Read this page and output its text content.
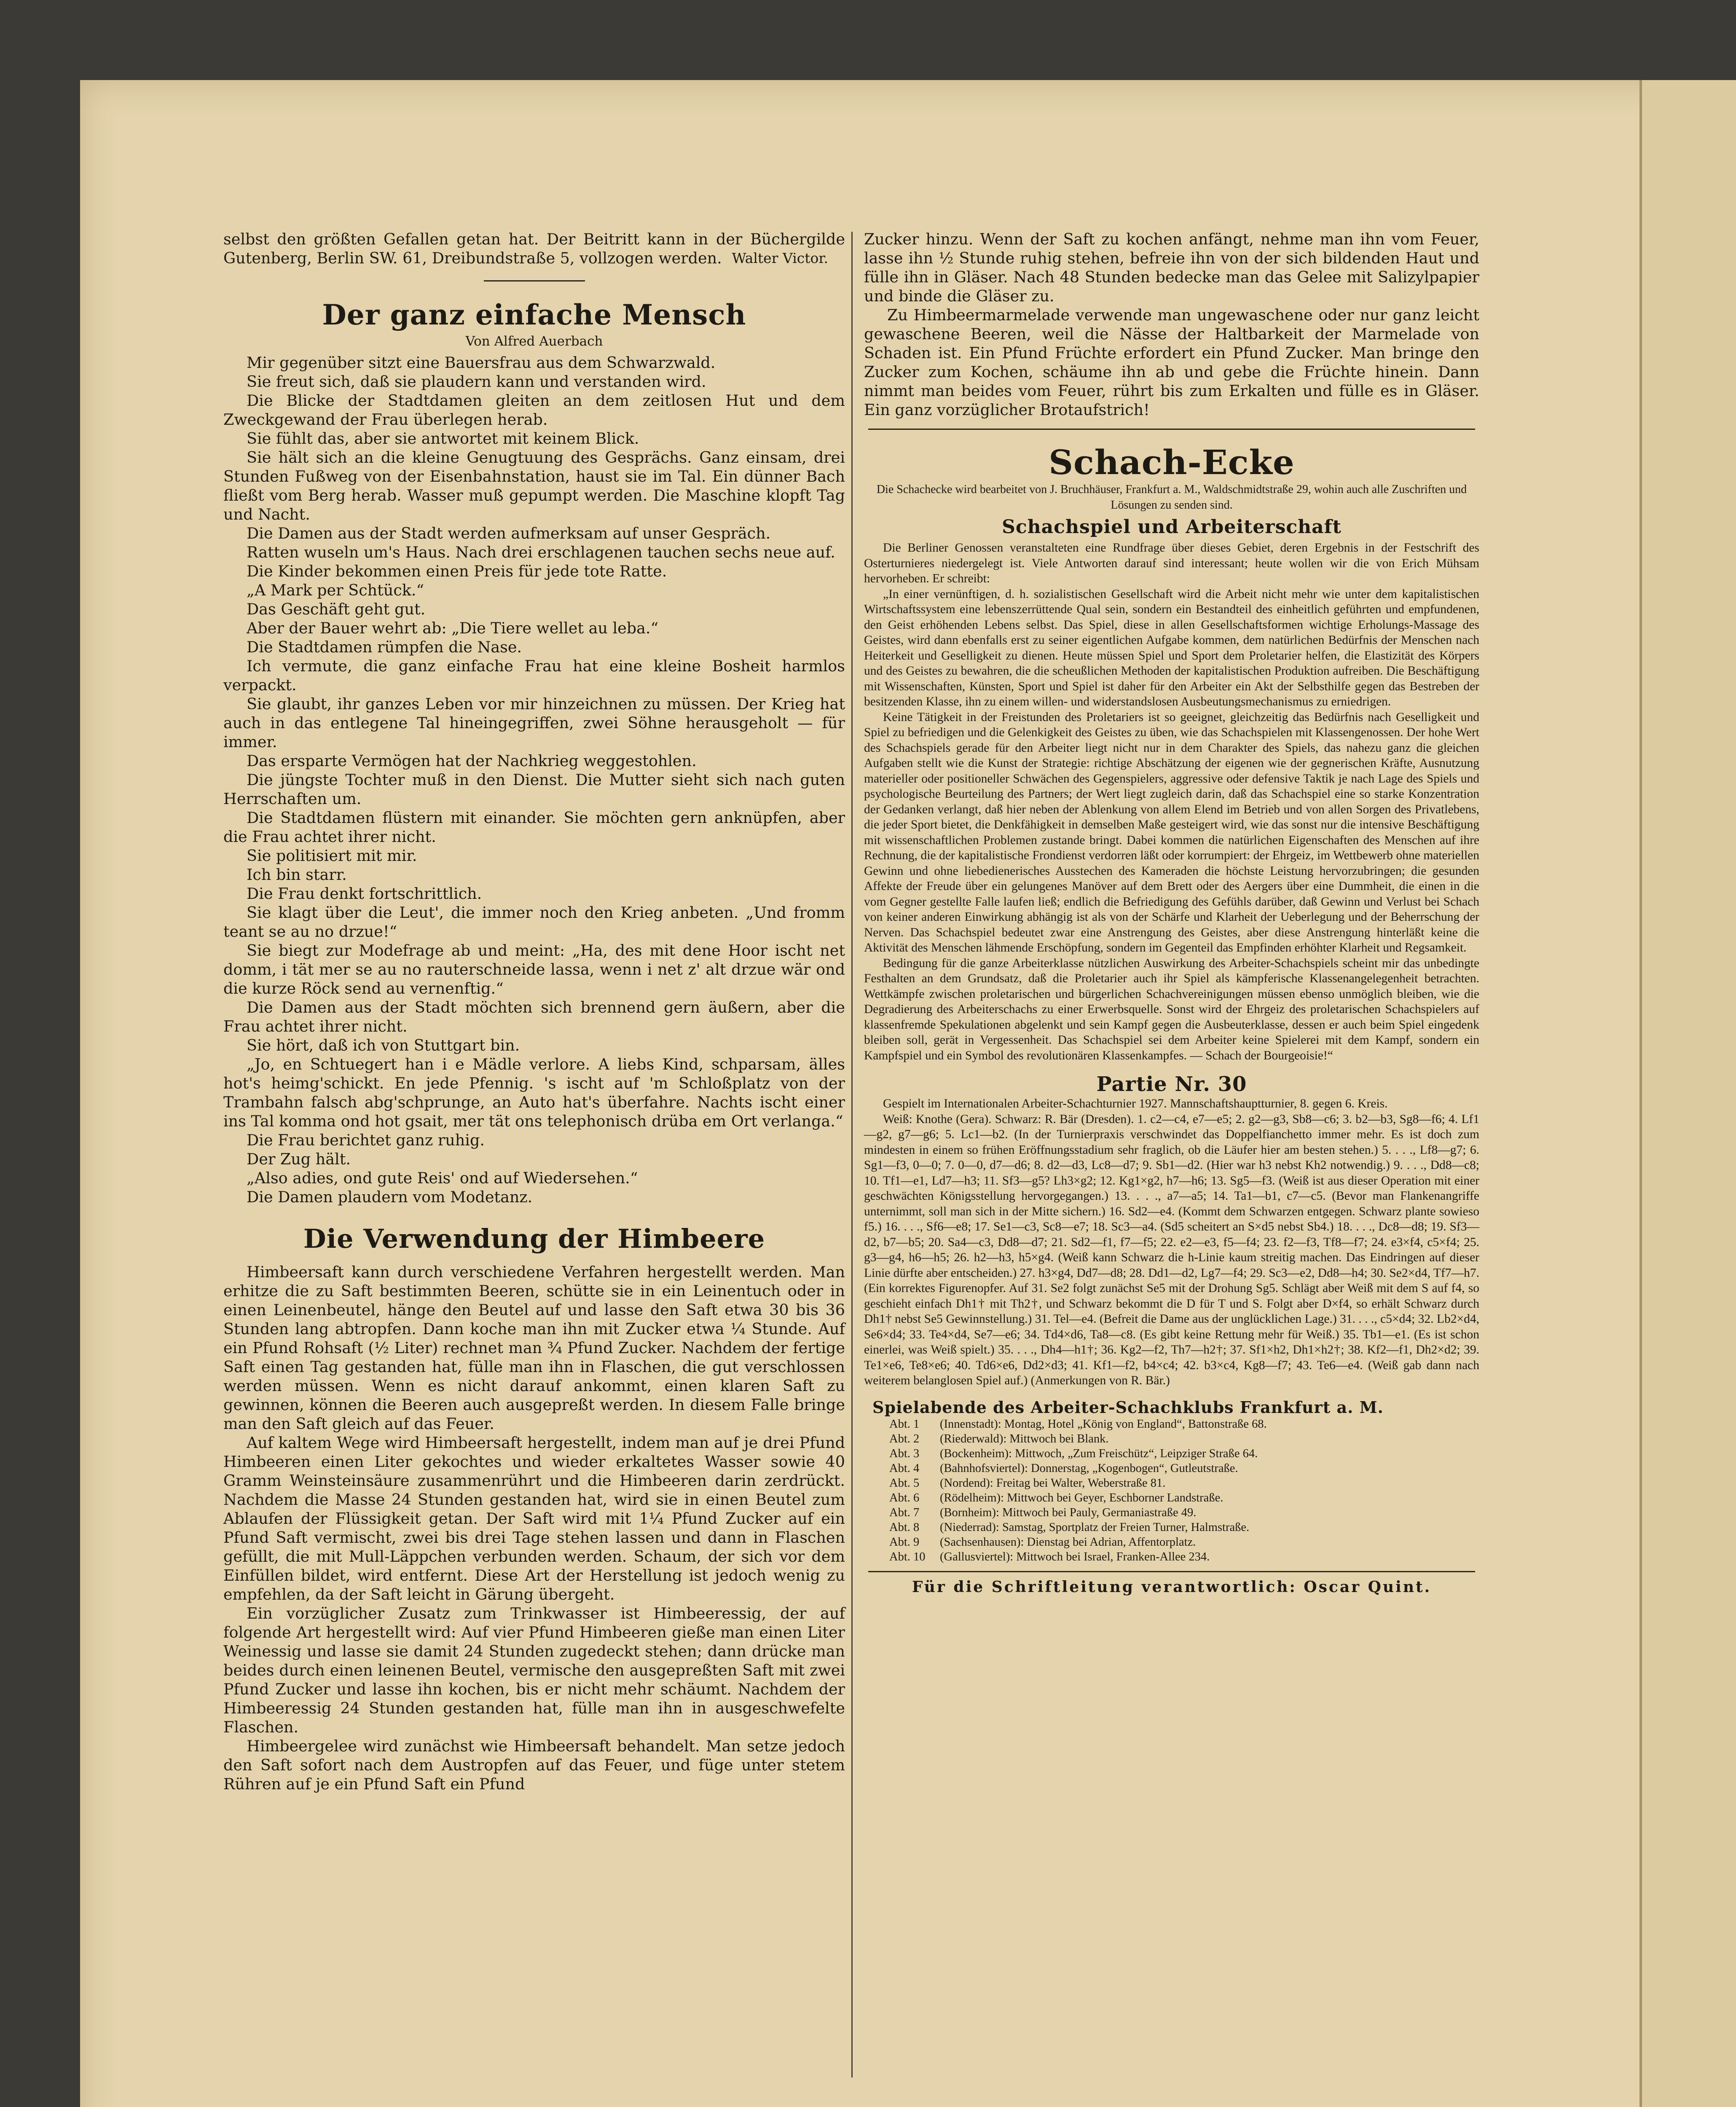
selbst den größten Gefallen getan hat. Der Beitritt kann in der Büchergilde Gutenberg, Berlin SW. 61, Dreibundstraße 5, vollzogen werden. Walter Victor.
Der ganz einfache Mensch
Von Alfred Auerbach

Mir gegenüber sitzt eine Bauersfrau aus dem Schwarzwald.

Sie freut sich, daß sie plaudern kann und verstanden wird.

Die Blicke der Stadtdamen gleiten an dem zeitlosen Hut und dem Zweckgewand der Frau überlegen herab.

Sie fühlt das, aber sie antwortet mit keinem Blick.

Sie hält sich an die kleine Genugtuung des Gesprächs. Ganz einsam, drei Stunden Fußweg von der Eisenbahnstation, haust sie im Tal. Ein dünner Bach fließt vom Berg herab. Wasser muß gepumpt werden. Die Maschine klopft Tag und Nacht.

Die Damen aus der Stadt werden aufmerksam auf unser Gespräch.

Ratten wuseln um's Haus. Nach drei erschlagenen tauchen sechs neue auf.

Die Kinder bekommen einen Preis für jede tote Ratte.

„A Mark per Schtück.“

Das Geschäft geht gut.

Aber der Bauer wehrt ab: „Die Tiere wellet au leba.“

Die Stadtdamen rümpfen die Nase.

Ich vermute, die ganz einfache Frau hat eine kleine Bosheit harmlos verpackt.

Sie glaubt, ihr ganzes Leben vor mir hinzeichnen zu müssen. Der Krieg hat auch in das entlegene Tal hineingegriffen, zwei Söhne herausgeholt — für immer.

Das ersparte Vermögen hat der Nachkrieg weggestohlen.

Die jüngste Tochter muß in den Dienst. Die Mutter sieht sich nach guten Herrschaften um.

Die Stadtdamen flüstern mit einander. Sie möchten gern anknüpfen, aber die Frau achtet ihrer nicht.

Sie politisiert mit mir.

Ich bin starr.

Die Frau denkt fortschrittlich.

Sie klagt über die Leut', die immer noch den Krieg anbeten. „Und fromm teant se au no drzue!“

Sie biegt zur Modefrage ab und meint: „Ha, des mit dene Hoor ischt net domm, i tät mer se au no rauterschneide lassa, wenn i net z' alt drzue wär ond die kurze Röck send au vernenftig.“

Die Damen aus der Stadt möchten sich brennend gern äußern, aber die Frau achtet ihrer nicht.

Sie hört, daß ich von Stuttgart bin.

„Jo, en Schtuegert han i e Mädle verlore. A liebs Kind, schparsam, älles hot's heimg'schickt. En jede Pfennig. 's ischt auf 'm Schloßplatz von der Trambahn falsch abg'schprunge, an Auto hat's überfahre. Nachts ischt einer ins Tal komma ond hot gsait, mer tät ons telephonisch drüba em Ort verlanga.“

Die Frau berichtet ganz ruhig.

Der Zug hält.

„Also adies, ond gute Reis' ond auf Wiedersehen.“

Die Damen plaudern vom Modetanz.

Die Verwendung der Himbeere

Himbeersaft kann durch verschiedene Verfahren hergestellt werden. Man erhitze die zu Saft bestimmten Beeren, schütte sie in ein Leinentuch oder in einen Leinenbeutel, hänge den Beutel auf und lasse den Saft etwa 30 bis 36 Stunden lang abtropfen. Dann koche man ihn mit Zucker etwa ¼ Stunde. Auf ein Pfund Rohsaft (½ Liter) rechnet man ¾ Pfund Zucker. Nachdem der fertige Saft einen Tag gestanden hat, fülle man ihn in Flaschen, die gut verschlossen werden müssen. Wenn es nicht darauf ankommt, einen klaren Saft zu gewinnen, können die Beeren auch ausgepreßt werden. In diesem Falle bringe man den Saft gleich auf das Feuer.

Auf kaltem Wege wird Himbeersaft hergestellt, indem man auf je drei Pfund Himbeeren einen Liter gekochtes und wieder erkaltetes Wasser sowie 40 Gramm Weinsteinsäure zusammenrührt und die Himbeeren darin zerdrückt. Nachdem die Masse 24 Stunden gestanden hat, wird sie in einen Beutel zum Ablaufen der Flüssigkeit getan. Der Saft wird mit 1¼ Pfund Zucker auf ein Pfund Saft vermischt, zwei bis drei Tage stehen lassen und dann in Flaschen gefüllt, die mit Mull-Läppchen verbunden werden. Schaum, der sich vor dem Einfüllen bildet, wird entfernt. Diese Art der Herstellung ist jedoch wenig zu empfehlen, da der Saft leicht in Gärung übergeht.

Ein vorzüglicher Zusatz zum Trinkwasser ist Himbeeressig, der auf folgende Art hergestellt wird: Auf vier Pfund Himbeeren gieße man einen Liter Weinessig und lasse sie damit 24 Stunden zugedeckt stehen; dann drücke man beides durch einen leinenen Beutel, vermische den ausgepreßten Saft mit zwei Pfund Zucker und lasse ihn kochen, bis er nicht mehr schäumt. Nachdem der Himbeeressig 24 Stunden gestanden hat, fülle man ihn in ausgeschwefelte Flaschen.

Himbeergelee wird zunächst wie Himbeersaft behandelt. Man setze jedoch den Saft sofort nach dem Austropfen auf das Feuer, und füge unter stetem Rühren auf je ein Pfund Saft ein Pfund

Zucker hinzu. Wenn der Saft zu kochen anfängt, nehme man ihn vom Feuer, lasse ihn ½ Stunde ruhig stehen, befreie ihn von der sich bildenden Haut und fülle ihn in Gläser. Nach 48 Stunden bedecke man das Gelee mit Salizylpapier und binde die Gläser zu.

Zu Himbeermarmelade verwende man ungewaschene oder nur ganz leicht gewaschene Beeren, weil die Nässe der Haltbarkeit der Marmelade von Schaden ist. Ein Pfund Früchte erfordert ein Pfund Zucker. Man bringe den Zucker zum Kochen, schäume ihn ab und gebe die Früchte hinein. Dann nimmt man beides vom Feuer, rührt bis zum Erkalten und fülle es in Gläser. Ein ganz vorzüglicher Brotaufstrich!

Schach-Ecke
Die Schachecke wird bearbeitet von J. Bruchhäuser, Frankfurt a. M., Waldschmidtstraße 29, wohin auch alle Zuschriften und Lösungen zu senden sind.
Schachspiel und Arbeiterschaft

Die Berliner Genossen veranstalteten eine Rundfrage über dieses Gebiet, deren Ergebnis in der Festschrift des Osterturnieres niedergelegt ist. Viele Antworten darauf sind interessant; heute wollen wir die von Erich Mühsam hervorheben. Er schreibt:

„In einer vernünftigen, d. h. sozialistischen Gesellschaft wird die Arbeit nicht mehr wie unter dem kapitalistischen Wirtschaftssystem eine lebenszerrüttende Qual sein, sondern ein Bestandteil des einheitlich geführten und empfundenen, den Geist erhöhenden Lebens selbst. Das Spiel, diese in allen Gesellschaftsformen wichtige Erholungs-Massage des Geistes, wird dann ebenfalls erst zu seiner eigentlichen Aufgabe kommen, dem natürlichen Bedürfnis der Menschen nach Heiterkeit und Geselligkeit zu dienen. Heute müssen Spiel und Sport dem Proletarier helfen, die Elastizität des Körpers und des Geistes zu bewahren, die die scheußlichen Methoden der kapitalistischen Produktion aufreiben. Die Beschäftigung mit Wissenschaften, Künsten, Sport und Spiel ist daher für den Arbeiter ein Akt der Selbsthilfe gegen das Bestreben der besitzenden Klasse, ihn zu einem willen- und widerstandslosen Ausbeutungsmechanismus zu erniedrigen.

Keine Tätigkeit in der Freistunden des Proletariers ist so geeignet, gleichzeitig das Bedürfnis nach Geselligkeit und Spiel zu befriedigen und die Gelenkigkeit des Geistes zu üben, wie das Schachspielen mit Klassengenossen. Der hohe Wert des Schachspiels gerade für den Arbeiter liegt nicht nur in dem Charakter des Spiels, das nahezu ganz die gleichen Aufgaben stellt wie die Kunst der Strategie: richtige Abschätzung der eigenen wie der gegnerischen Kräfte, Ausnutzung materieller oder positioneller Schwächen des Gegenspielers, aggressive oder defensive Taktik je nach Lage des Spiels und psychologische Beurteilung des Partners; der Wert liegt zugleich darin, daß das Schachspiel eine so starke Konzentration der Gedanken verlangt, daß hier neben der Ablenkung von allem Elend im Betrieb und von allen Sorgen des Privatlebens, die jeder Sport bietet, die Denkfähigkeit in demselben Maße gesteigert wird, wie das sonst nur die intensive Beschäftigung mit wissenschaftlichen Problemen zustande bringt. Dabei kommen die natürlichen Eigenschaften des Menschen auf ihre Rechnung, die der kapitalistische Frondienst verdorren läßt oder korrumpiert: der Ehrgeiz, im Wettbewerb ohne materiellen Gewinn und ohne liebedienerisches Ausstechen des Kameraden die höchste Leistung hervorzubringen; die gesunden Affekte der Freude über ein gelungenes Manöver auf dem Brett oder des Aergers über eine Dummheit, die einen in die vom Gegner gestellte Falle laufen ließ; endlich die Befriedigung des Gefühls darüber, daß Gewinn und Verlust bei Schach von keiner anderen Einwirkung abhängig ist als von der Schärfe und Klarheit der Ueberlegung und der Beherrschung der Nerven. Das Schachspiel bedeutet zwar eine Anstrengung des Geistes, aber diese Anstrengung hinterläßt keine die Aktivität des Menschen lähmende Erschöpfung, sondern im Gegenteil das Empfinden erhöhter Klarheit und Regsamkeit.

Bedingung für die ganze Arbeiterklasse nützlichen Auswirkung des Arbeiter-Schachspiels scheint mir das unbedingte Festhalten an dem Grundsatz, daß die Proletarier auch ihr Spiel als kämpferische Klassenangelegenheit betrachten. Wettkämpfe zwischen proletarischen und bürgerlichen Schachvereinigungen müssen ebenso unmöglich bleiben, wie die Degradierung des Arbeiterschachs zu einer Erwerbsquelle. Sonst wird der Ehrgeiz des proletarischen Schachspielers auf klassenfremde Spekulationen abgelenkt und sein Kampf gegen die Ausbeuterklasse, dessen er auch beim Spiel eingedenk bleiben soll, gerät in Vergessenheit. Das Schachspiel sei dem Arbeiter keine Spielerei mit dem Kampf, sondern ein Kampfspiel und ein Symbol des revolutionären Klassenkampfes. — Schach der Bourgeoisie!“

Partie Nr. 30

Gespielt im Internationalen Arbeiter-Schachturnier 1927. Mannschaftshauptturnier, 8. gegen 6. Kreis.

Weiß: Knothe (Gera). Schwarz: R. Bär (Dresden). 1. c2—c4, e7—e5; 2. g2—g3, Sb8—c6; 3. b2—b3, Sg8—f6; 4. Lf1—g2, g7—g6; 5. Lc1—b2. (In der Turnierpraxis verschwindet das Doppelfianchetto immer mehr. Es ist doch zum mindesten in einem so frühen Eröffnungsstadium sehr fraglich, ob die Läufer hier am besten stehen.) 5. . . ., Lf8—g7; 6. Sg1—f3, 0—0; 7. 0—0, d7—d6; 8. d2—d3, Lc8—d7; 9. Sb1—d2. (Hier war h3 nebst Kh2 notwendig.) 9. . . ., Dd8—c8; 10. Tf1—e1, Ld7—h3; 11. Sf3—g5? Lh3×g2; 12. Kg1×g2, h7—h6; 13. Sg5—f3. (Weiß ist aus dieser Operation mit einer geschwächten Königsstellung hervorgegangen.) 13. . . ., a7—a5; 14. Ta1—b1, c7—c5. (Bevor man Flankenangriffe unternimmt, soll man sich in der Mitte sichern.) 16. Sd2—e4. (Kommt dem Schwarzen entgegen. Schwarz plante sowieso f5.) 16. . . ., Sf6—e8; 17. Se1—c3, Sc8—e7; 18. Sc3—a4. (Sd5 scheitert an S×d5 nebst Sb4.) 18. . . ., Dc8—d8; 19. Sf3—d2, b7—b5; 20. Sa4—c3, Dd8—d7; 21. Sd2—f1, f7—f5; 22. e2—e3, f5—f4; 23. f2—f3, Tf8—f7; 24. e3×f4, c5×f4; 25. g3—g4, h6—h5; 26. h2—h3, h5×g4. (Weiß kann Schwarz die h-Linie kaum streitig machen. Das Eindringen auf dieser Linie dürfte aber entscheiden.) 27. h3×g4, Dd7—d8; 28. Dd1—d2, Lg7—f4; 29. Sc3—e2, Dd8—h4; 30. Se2×d4, Tf7—h7. (Ein korrektes Figurenopfer. Auf 31. Se2 folgt zunächst Se5 mit der Drohung Sg5. Schlägt aber Weiß mit dem S auf f4, so geschieht einfach Dh1† mit Th2†, und Schwarz bekommt die D für T und S. Folgt aber D×f4, so erhält Schwarz durch Dh1† nebst Se5 Gewinnstellung.) 31. Tel—e4. (Befreit die Dame aus der unglücklichen Lage.) 31. . . ., c5×d4; 32. Lb2×d4, Se6×d4; 33. Te4×d4, Se7—e6; 34. Td4×d6, Ta8—c8. (Es gibt keine Rettung mehr für Weiß.) 35. Tb1—e1. (Es ist schon einerlei, was Weiß spielt.) 35. . . ., Dh4—h1†; 36. Kg2—f2, Th7—h2†; 37. Sf1×h2, Dh1×h2†; 38. Kf2—f1, Dh2×d2; 39. Te1×e6, Te8×e6; 40. Td6×e6, Dd2×d3; 41. Kf1—f2, b4×c4; 42. b3×c4, Kg8—f7; 43. Te6—e4. (Weiß gab dann nach weiterem belanglosen Spiel auf.) (Anmerkungen von R. Bär.)

Spielabende des Arbeiter-Schachklubs Frankfurt a. M.
Abt. 1	(Innenstadt): Montag, Hotel „König von England“, Battonstraße 68.
Abt. 2	(Riederwald): Mittwoch bei Blank.
Abt. 3	(Bockenheim): Mittwoch, „Zum Freischütz“, Leipziger Straße 64.
Abt. 4	(Bahnhofsviertel): Donnerstag, „Kogenbogen“, Gutleutstraße.
Abt. 5	(Nordend): Freitag bei Walter, Weberstraße 81.
Abt. 6	(Rödelheim): Mittwoch bei Geyer, Eschborner Landstraße.
Abt. 7	(Bornheim): Mittwoch bei Pauly, Germaniastraße 49.
Abt. 8	(Niederrad): Samstag, Sportplatz der Freien Turner, Halmstraße.
Abt. 9	(Sachsenhausen): Dienstag bei Adrian, Affentorplatz.
Abt. 10	(Gallusviertel): Mittwoch bei Israel, Franken-Allee 234.
Für die Schriftleitung verantwortlich: Oscar Quint.
